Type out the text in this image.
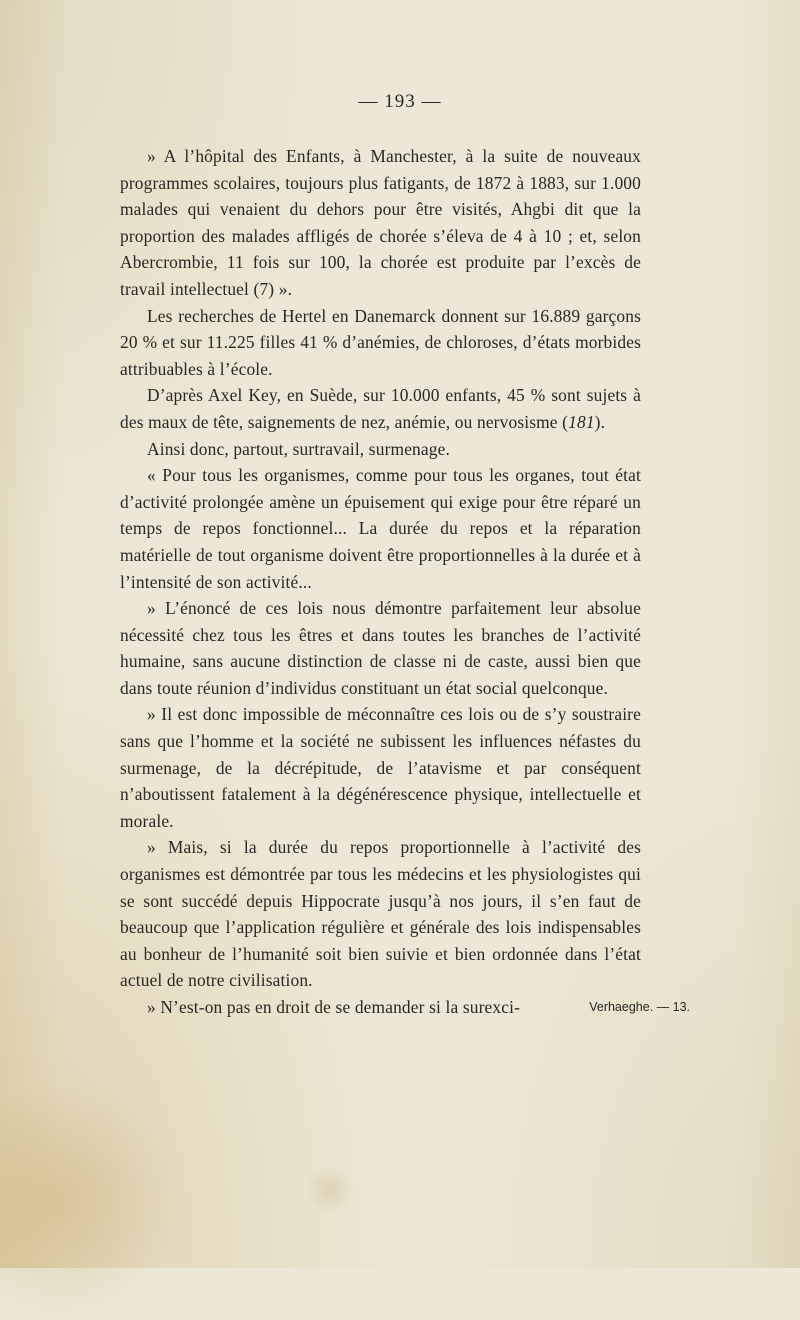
— 193 —

» A l’hôpital des Enfants, à Manchester, à la suite de nouveaux programmes scolaires, toujours plus fatigants, de 1872 à 1883, sur 1.000 malades qui venaient du dehors pour être visités, Ahgbi dit que la proportion des malades affligés de chorée s’éleva de 4 à 10 ; et, selon Abercrombie, 11 fois sur 100, la chorée est produite par l’excès de travail intellectuel (7) ».

Les recherches de Hertel en Danemarck donnent sur 16.889 garçons 20 % et sur 11.225 filles 41 % d’anémies, de chloroses, d’états morbides attribuables à l’école.

D’après Axel Key, en Suède, sur 10.000 enfants, 45 % sont sujets à des maux de tête, saignements de nez, anémie, ou nervosisme (181).

Ainsi donc, partout, surtravail, surmenage.

« Pour tous les organismes, comme pour tous les organes, tout état d’activité prolongée amène un épuisement qui exige pour être réparé un temps de repos fonctionnel... La durée du repos et la réparation matérielle de tout organisme doivent être proportionnelles à la durée et à l’intensité de son activité...

» L’énoncé de ces lois nous démontre parfaitement leur absolue nécessité chez tous les êtres et dans toutes les branches de l’activité humaine, sans aucune distinction de classe ni de caste, aussi bien que dans toute réunion d’individus constituant un état social quelconque.

» Il est donc impossible de méconnaître ces lois ou de s’y soustraire sans que l’homme et la société ne subissent les influences néfastes du surmenage, de la décrépitude, de l’atavisme et par conséquent n’aboutissent fatalement à la dégénérescence physique, intellectuelle et morale.

» Mais, si la durée du repos proportionnelle à l’activité des organismes est démontrée par tous les médecins et les physiologistes qui se sont succédé depuis Hippocrate jusqu’à nos jours, il s’en faut de beaucoup que l’application régulière et générale des lois indispensables au bonheur de l’humanité soit bien suivie et bien ordonnée dans l’état actuel de notre civilisation.

» N’est-on pas en droit de se demander si la surexci-	Verhaeghe. — 13.
